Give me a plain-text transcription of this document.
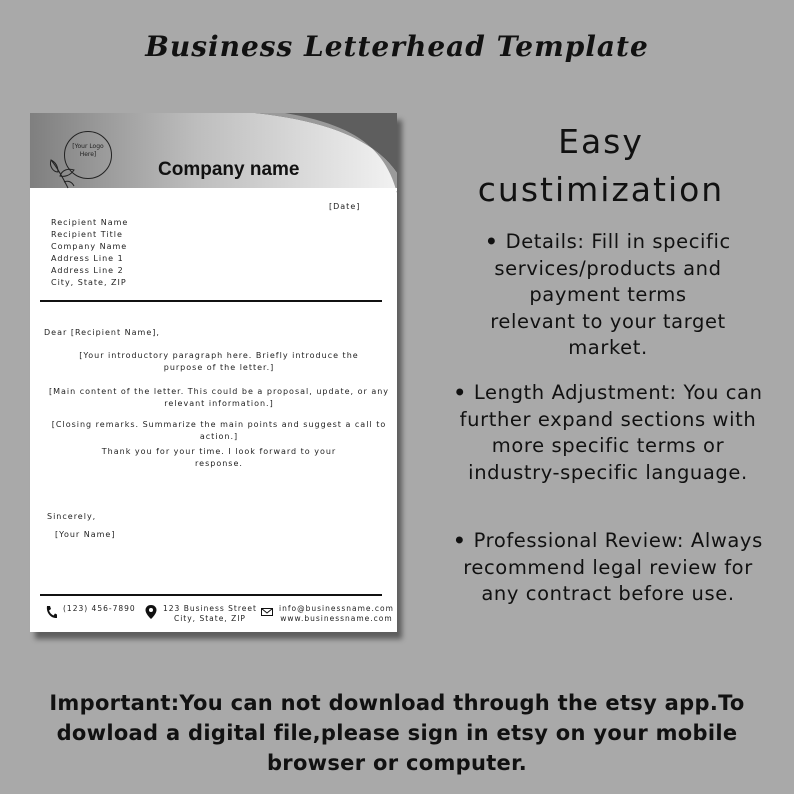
Business Letterhead Template
[Your Logo
Here]
Company name
[Date]
Recipient Name
Recipient Title
Company Name
Address Line 1
Address Line 2
City, State, ZIP
Dear [Recipient Name],
[Your introductory paragraph here. Briefly introduce the purpose of the letter.]
[Main content of the letter. This could be a proposal, update, or any relevant information.]
[Closing remarks. Summarize the main points and suggest a call to action.]
Thank you for your time. I look forward to your response.
Sincerely,
[Your Name]
(123) 456-7890	123 Business Street
City, State, ZIP
info@businessname.com
www.businessname.com
Easy
custimization
• Details: Fill in specific
services/products and
payment terms
relevant to your target
market.
• Length Adjustment: You can
further expand sections with
more specific terms or
industry-specific language.
• Professional Review: Always
recommend legal review for
any contract before use.
Important:You can not download through the etsy app.To dowload a digital file,please sign in etsy on your mobile browser or computer.
